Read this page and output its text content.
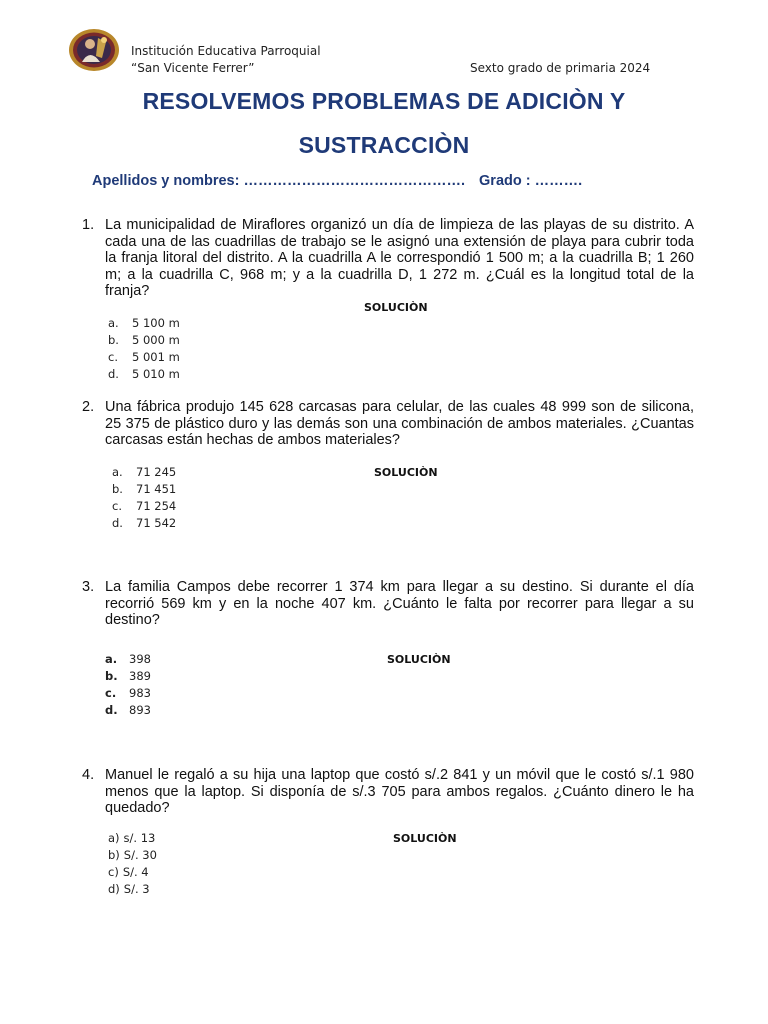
Institución Educativa Parroquial
“San Vicente Ferrer”	Sexto grado de primaria 2024
RESOLVEMOS PROBLEMAS DE ADICIÒN Y
SUSTRACCIÒN
Apellidos y nombres: ………………………………………. Grado : ……….
1. La municipalidad de Miraflores organizó un día de limpieza de las playas de su distrito. A cada una de las cuadrillas de trabajo se le asignó una extensión de playa para cubrir toda la franja litoral del distrito. A la cuadrilla A le correspondió 1 500 m; a la cuadrilla B; 1 260 m; a la cuadrilla C, 968 m; y a la cuadrilla D, 1 272 m. ¿Cuál es la longitud total de la franja?
SOLUCIÒN
a.	5 100 m
b.	5 000 m
c.	5 001 m
d.	5 010 m
2. Una fábrica produjo 145 628 carcasas para celular, de las cuales 48 999 son de silicona, 25 375 de plástico duro y las demás son una combinación de ambos materiales. ¿Cuantas carcasas están hechas de ambos materiales?
SOLUCIÒN
a.	71 245
b.	71 451
c.	71 254
d.	71 542
3. La familia Campos debe recorrer 1 374 km para llegar a su destino. Si durante el día recorrió 569 km y en la noche 407 km. ¿Cuánto le falta por recorrer para llegar a su destino?
SOLUCIÒN
a.	398
b. 389
c.	983
d. 893
4. Manuel le regaló a su hija una laptop que costó s/.2 841 y un móvil que le costó s/.1 980 menos que la laptop. Si disponía de s/.3 705 para ambos regalos. ¿Cuánto dinero le ha quedado?
SOLUCIÒN
a) s/. 13
b) S/. 30
c) S/. 4
d) S/. 3
